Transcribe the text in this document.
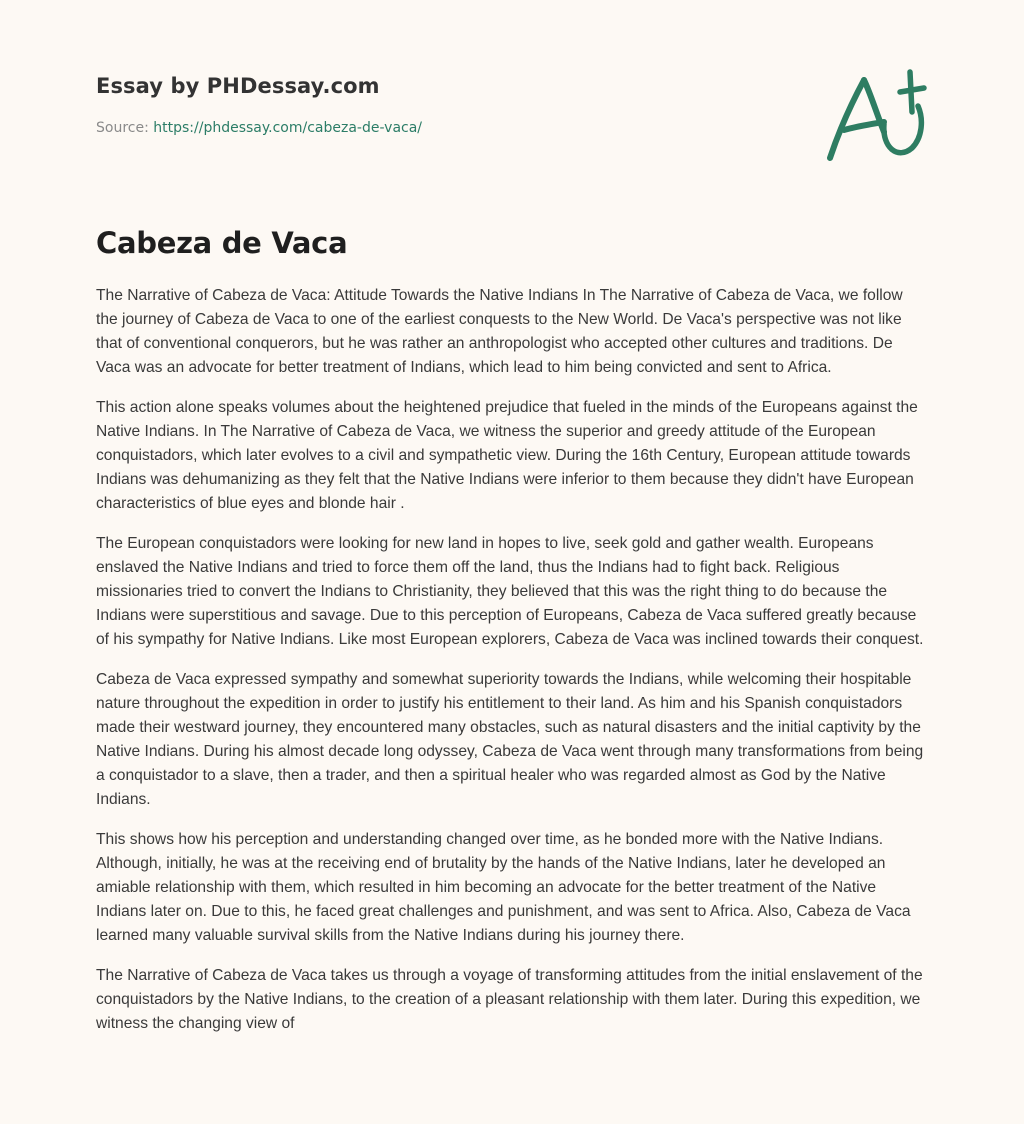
Essay by PHDessay.com
Source: https://phdessay.com/cabeza-de-vaca/
Cabeza de Vaca

The Narrative of Cabeza de Vaca: Attitude Towards the Native Indians In The Narrative of Cabeza de Vaca, we follow the journey of Cabeza de Vaca to one of the earliest conquests to the New World. De Vaca's perspective was not like that of conventional conquerors, but he was rather an anthropologist who accepted other cultures and traditions. De Vaca was an advocate for better treatment of Indians, which lead to him being convicted and sent to Africa.

This action alone speaks volumes about the heightened prejudice that fueled in the minds of the Europeans against the Native Indians. In The Narrative of Cabeza de Vaca, we witness the superior and greedy attitude of the European conquistadors, which later evolves to a civil and sympathetic view. During the 16th Century, European attitude towards Indians was dehumanizing as they felt that the Native Indians were inferior to them because they didn't have European characteristics of blue eyes and blonde hair .

The European conquistadors were looking for new land in hopes to live, seek gold and gather wealth. Europeans enslaved the Native Indians and tried to force them off the land, thus the Indians had to fight back. Religious missionaries tried to convert the Indians to Christianity, they believed that this was the right thing to do because the Indians were superstitious and savage. Due to this perception of Europeans, Cabeza de Vaca suffered greatly because of his sympathy for Native Indians. Like most European explorers, Cabeza de Vaca was inclined towards their conquest.

Cabeza de Vaca expressed sympathy and somewhat superiority towards the Indians, while welcoming their hospitable nature throughout the expedition in order to justify his entitlement to their land. As him and his Spanish conquistadors made their westward journey, they encountered many obstacles, such as natural disasters and the initial captivity by the Native Indians. During his almost decade long odyssey, Cabeza de Vaca went through many transformations from being a conquistador to a slave, then a trader, and then a spiritual healer who was regarded almost as God by the Native Indians.

This shows how his perception and understanding changed over time, as he bonded more with the Native Indians. Although, initially, he was at the receiving end of brutality by the hands of the Native Indians, later he developed an amiable relationship with them, which resulted in him becoming an advocate for the better treatment of the Native Indians later on. Due to this, he faced great challenges and punishment, and was sent to Africa. Also, Cabeza de Vaca learned many valuable survival skills from the Native Indians during his journey there.

The Narrative of Cabeza de Vaca takes us through a voyage of transforming attitudes from the initial enslavement of the conquistadors by the Native Indians, to the creation of a pleasant relationship with them later. During this expedition, we witness the changing view of
